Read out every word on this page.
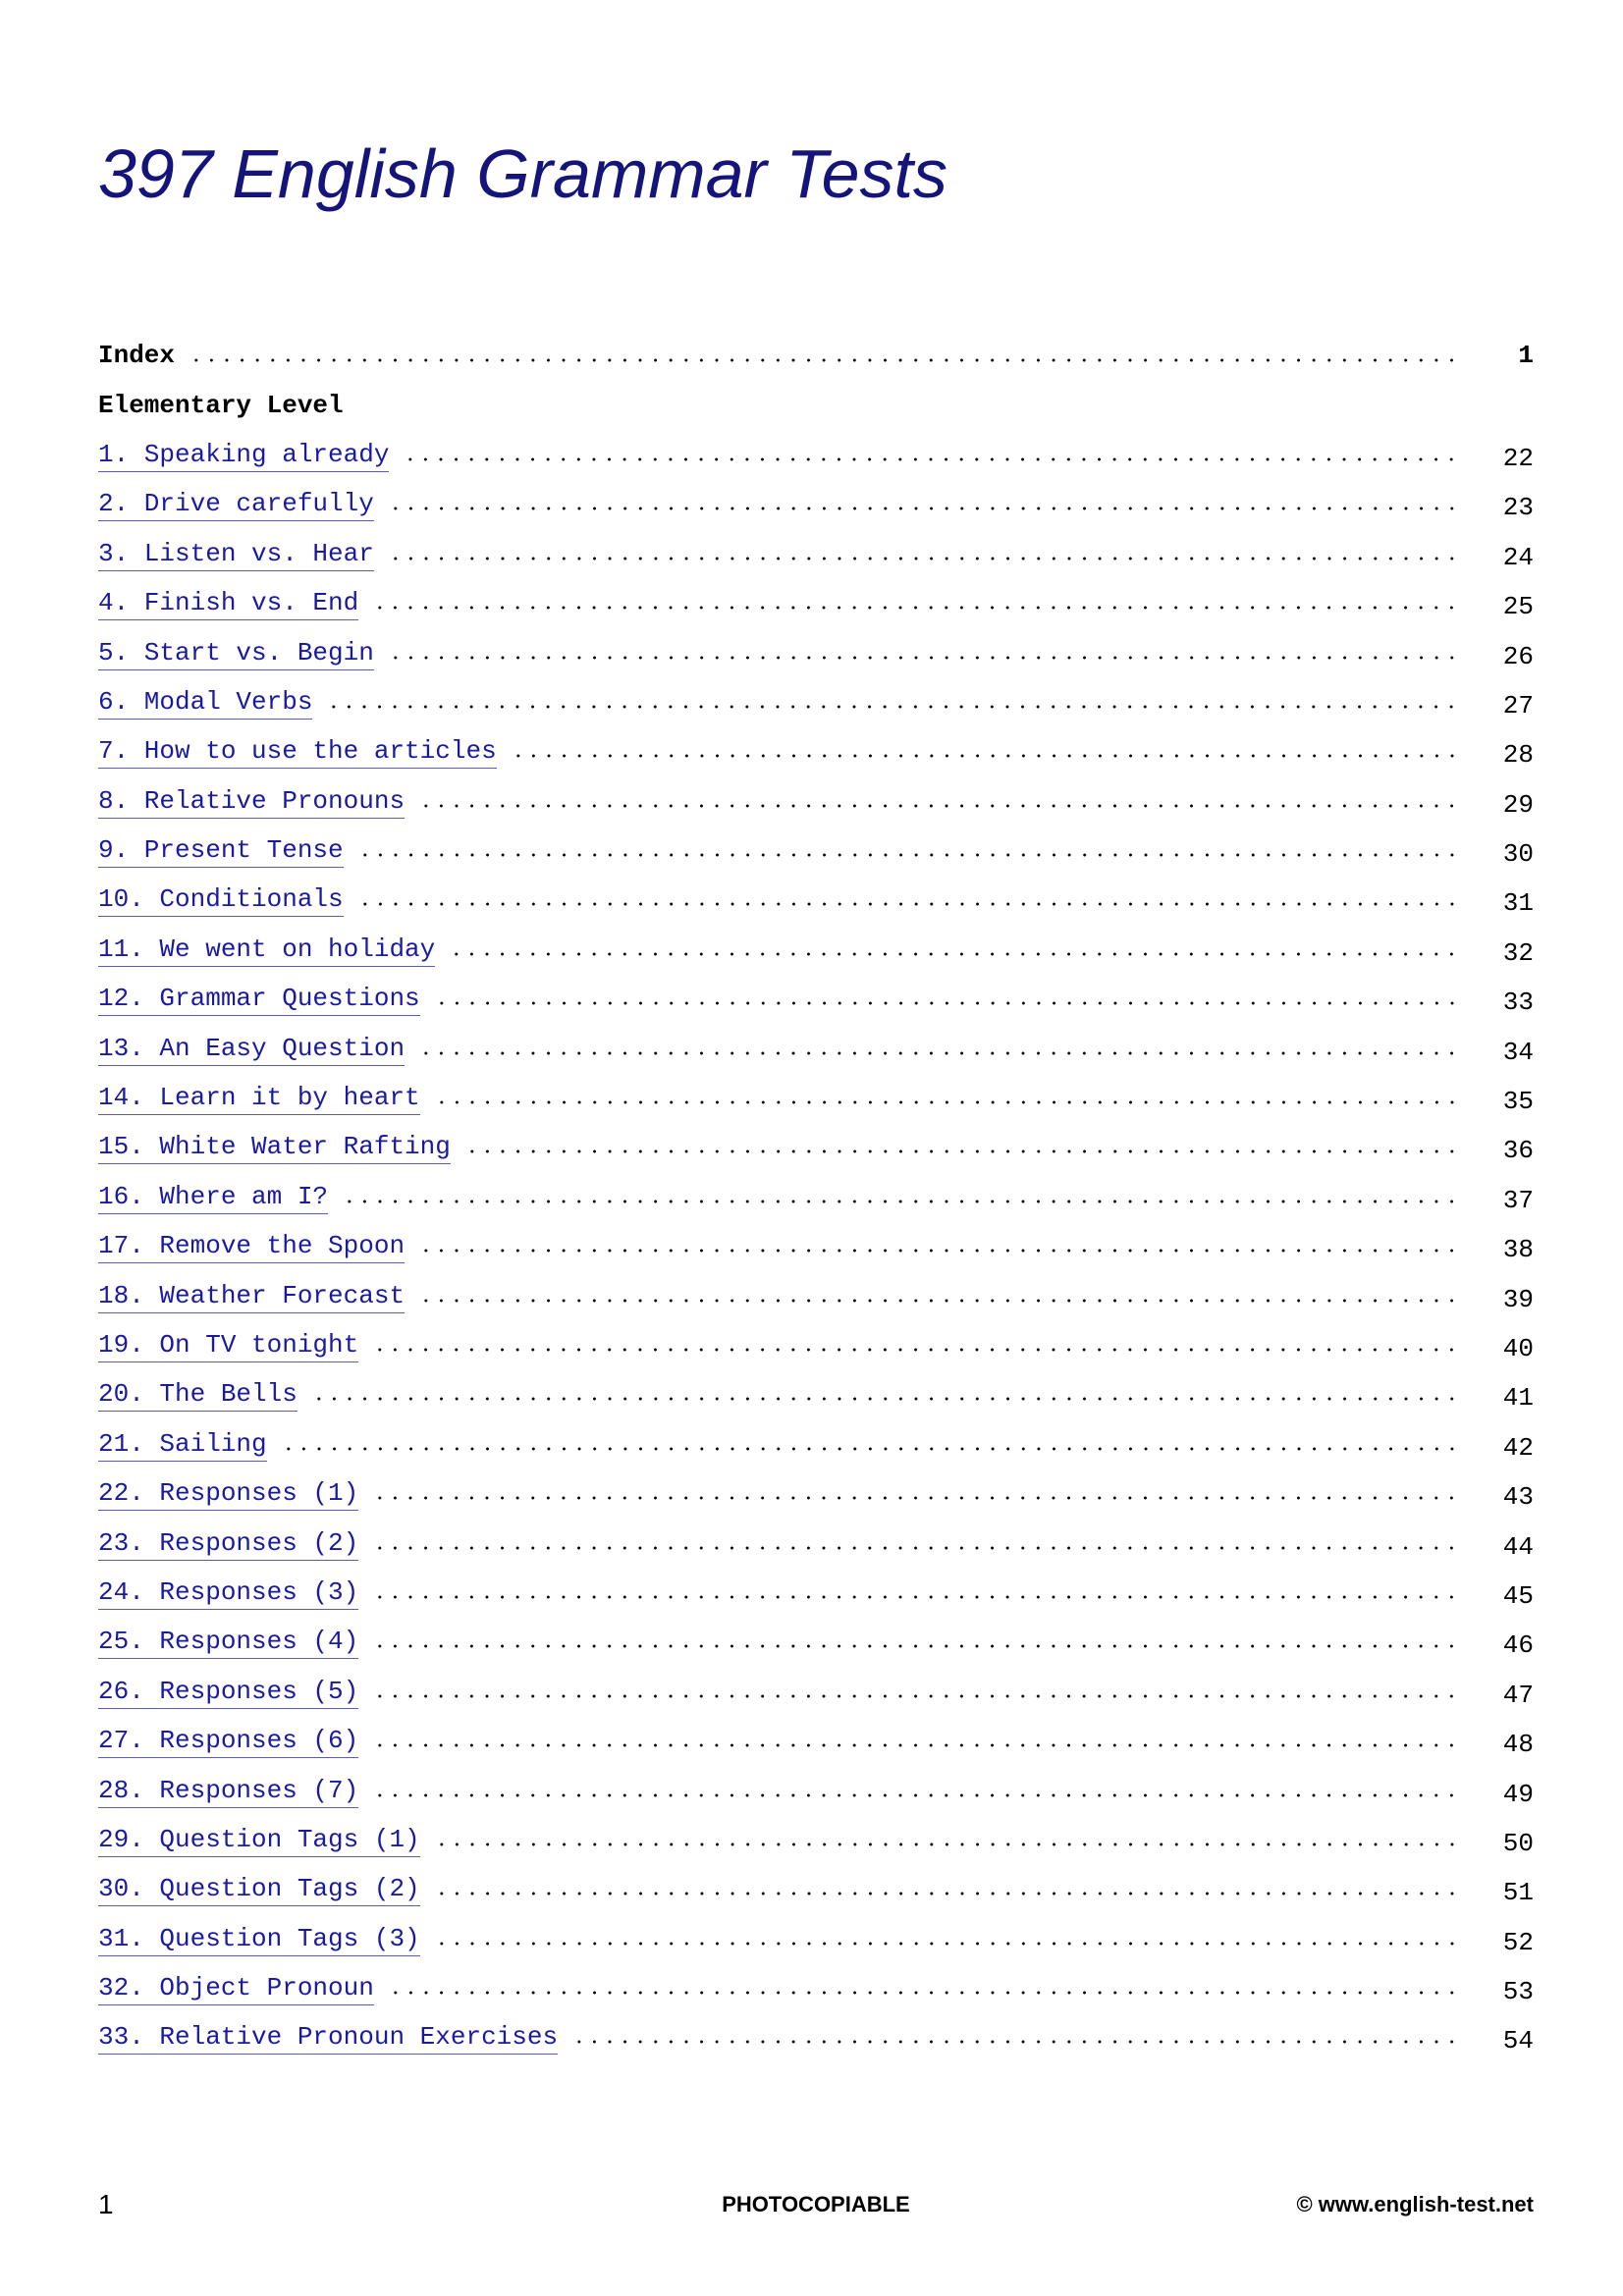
397 English Grammar Tests
Index	1
Elementary Level
1. Speaking already	22
2. Drive carefully	23
3. Listen vs. Hear	24
4. Finish vs. End	25
5. Start vs. Begin	26
6. Modal Verbs	27
7. How to use the articles	28
8. Relative Pronouns	29
9. Present Tense	30
10. Conditionals	31
11. We went on holiday	32
12. Grammar Questions	33
13. An Easy Question	34
14. Learn it by heart	35
15. White Water Rafting	36
16. Where am I?	37
17. Remove the Spoon	38
18. Weather Forecast	39
19. On TV tonight	40
20. The Bells	41
21. Sailing	42
22. Responses (1)	43
23. Responses (2)	44
24. Responses (3)	45
25. Responses (4)	46
26. Responses (5)	47
27. Responses (6)	48
28. Responses (7)	49
29. Question Tags (1)	50
30. Question Tags (2)	51
31. Question Tags (3)	52
32. Object Pronoun	53
33. Relative Pronoun Exercises	54
1	PHOTOCOPIABLE	© www.english-test.net
